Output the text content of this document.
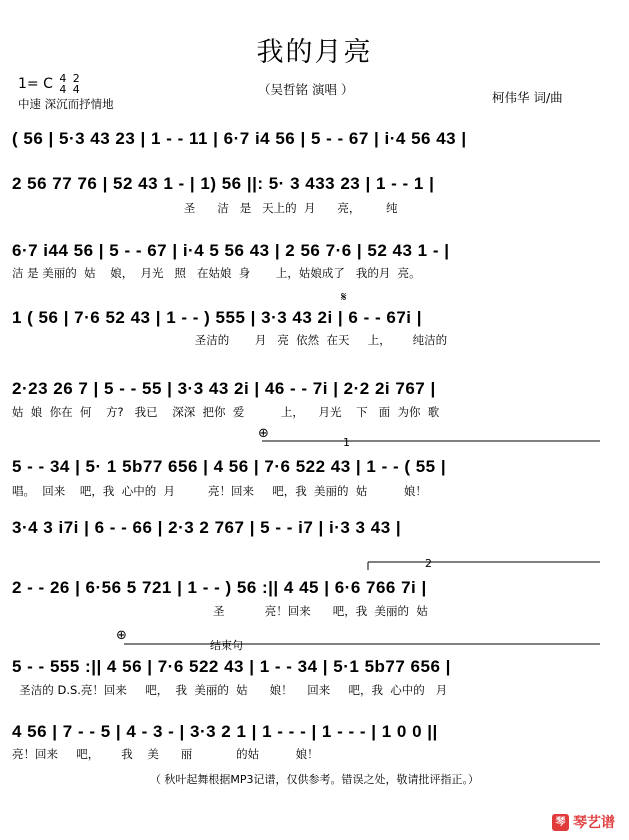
我的月亮
（吴哲铭 演唱 ）
1= C 4
4

2
4
中速 深沉而抒情地	柯伟华 词/曲
( 56 | 5·3 43 23 | 1 - - 11 | 6·7 i4 56 | 5 - - 67 | i·4 56 43 |
2 56 77 76 | 52 43 1 - | 1) 56 ||: 5· 3 433 23 | 1 - - 1 |
圣      洁   是   天上的  月      亮，       纯
6·7 i44 56 | 5 - - 67 | i·4 5 56 43 | 2 56 7·6 | 52 43 1 - |
洁 是 美丽的  姑    娘，  月光   照   在姑娘  身       上，姑娘成了   我的月  亮。
1 ( 56 | 7·6 52 43 | 1 - - ) 555 | 3·3 43 2i | 6 - - 67i |
圣洁的       月   亮  依然  在天     上，      纯洁的
2·23 26 7 | 5 - - 55 | 3·3 43 2i | 46 - - 7i | 2·2 2i 767 |
姑  娘  你在  何    方?   我已    深深  把你  爱          上，    月光    下   面  为你  歌
5 - - 34 | 5· 1 5b77 656 | 4 56 | 7·6 522 43 | 1 - - ( 55 |
唱。  回来    吧，我  心中的  月         亮！回来     吧，我  美丽的  姑          娘！
3·4 3 i7i | 6 - - 66 | 2·3 2 767 | 5 - - i7 | i·3 3 43 |
2 - - 26 | 6·56 5 721 | 1 - - ) 56 :|| 4 45 | 6·6 766 7i |
圣           亮！回来      吧，我  美丽的  姑
5 - - 555 :|| 4 56 | 7·6 522 43 | 1 - - 34 | 5·1 5b77 656 |
圣洁的 D.S.亮！回来     吧，  我  美丽的  姑      娘！    回来     吧，我  心中的   月
4 56 | 7 - - 5 | 4 - 3 - | 3·3 2 1 | 1 - - - | 1 - - - | 1 0 0 ||
亮！回来     吧，      我    美      丽            的姑          娘！
𝄋
⊕
⊕
1
2
结束句
（ 秋叶起舞根据MP3记谱，仅供参考。错误之处，敬请批评指正。）
琴 琴艺谱
